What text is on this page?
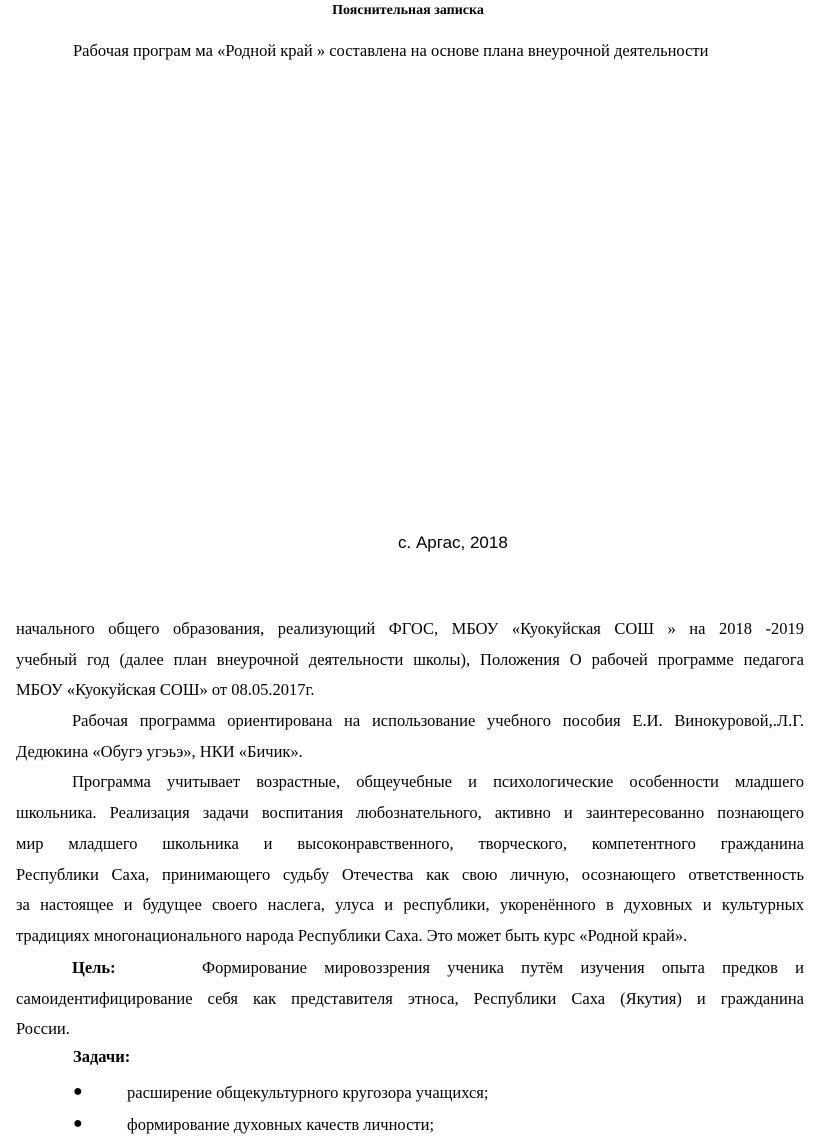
Пояснительная записка
Рабочая програм ма «Родной край » составлена на основе плана внеурочной деятельности
с. Аргас, 2018
начального общего образования, реализующий ФГОС, МБОУ «Куокуйская СОШ » на 2018 -2019
учебный год (далее план внеурочной деятельности школы), Положения О рабочей программе педагога
МБОУ «Куокуйская СОШ» от 08.05.2017г.
Рабочая программа ориентирована на использование учебного пособия Е.И. Винокуровой,.Л.Г.
Дедюкина «Обугэ угэьэ», НКИ «Бичик».
Программа учитывает возрастные, общеучебные и психологические особенности младшего
школьника. Реализация задачи воспитания любознательного, активно и заинтересованно познающего
мир младшего школьника и высоконравственного, творческого, компетентного гражданина
Республики Саха, принимающего судьбу Отечества как свою личную, осознающего ответственность
за настоящее и будущее своего наслега, улуса и республики, укоренённого в духовных и культурных
традициях многонационального народа Республики Саха. Это может быть курс «Родной край».
Цель:	Формирование мировоззрения ученика путём изучения опыта предков и
самоидентифицирование себя как представителя этноса, Республики Саха (Якутия) и гражданина
России.
Задачи:
●	расширение общекультурного кругозора учащихся;
●	формирование духовных качеств личности;
